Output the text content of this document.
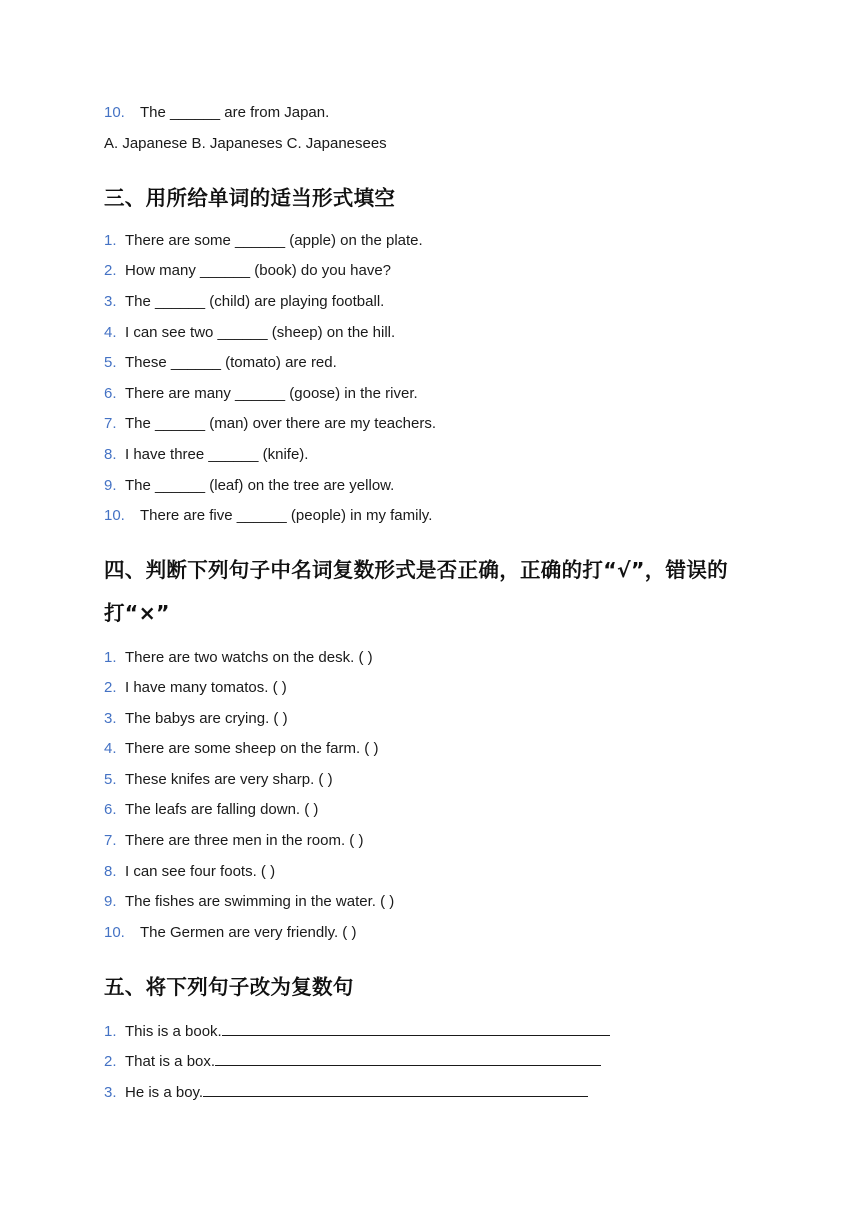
10. The ______ are from Japan.
A. Japanese B. Japaneses C. Japanesees
三、用所给单词的适当形式填空
1. There are some ______ (apple) on the plate.
2. How many ______ (book) do you have?
3. The ______ (child) are playing football.
4. I can see two ______ (sheep) on the hill.
5. These ______ (tomato) are red.
6. There are many ______ (goose) in the river.
7. The ______ (man) over there are my teachers.
8. I have three ______ (knife).
9. The ______ (leaf) on the tree are yellow.
10. There are five ______ (people) in my family.
四、判断下列句子中名词复数形式是否正确，正确的打“√”，错误的
打“×”
1. There are two watchs on the desk. ( )
2. I have many tomatos. ( )
3. The babys are crying. ( )
4. There are some sheep on the farm. ( )
5. These knifes are very sharp. ( )
6. The leafs are falling down. ( )
7. There are three men in the room. ( )
8. I can see four foots. ( )
9. The fishes are swimming in the water. ( )
10. The Germen are very friendly. ( )
五、将下列句子改为复数句
1. This is a book.
2. That is a box.
3. He is a boy.
